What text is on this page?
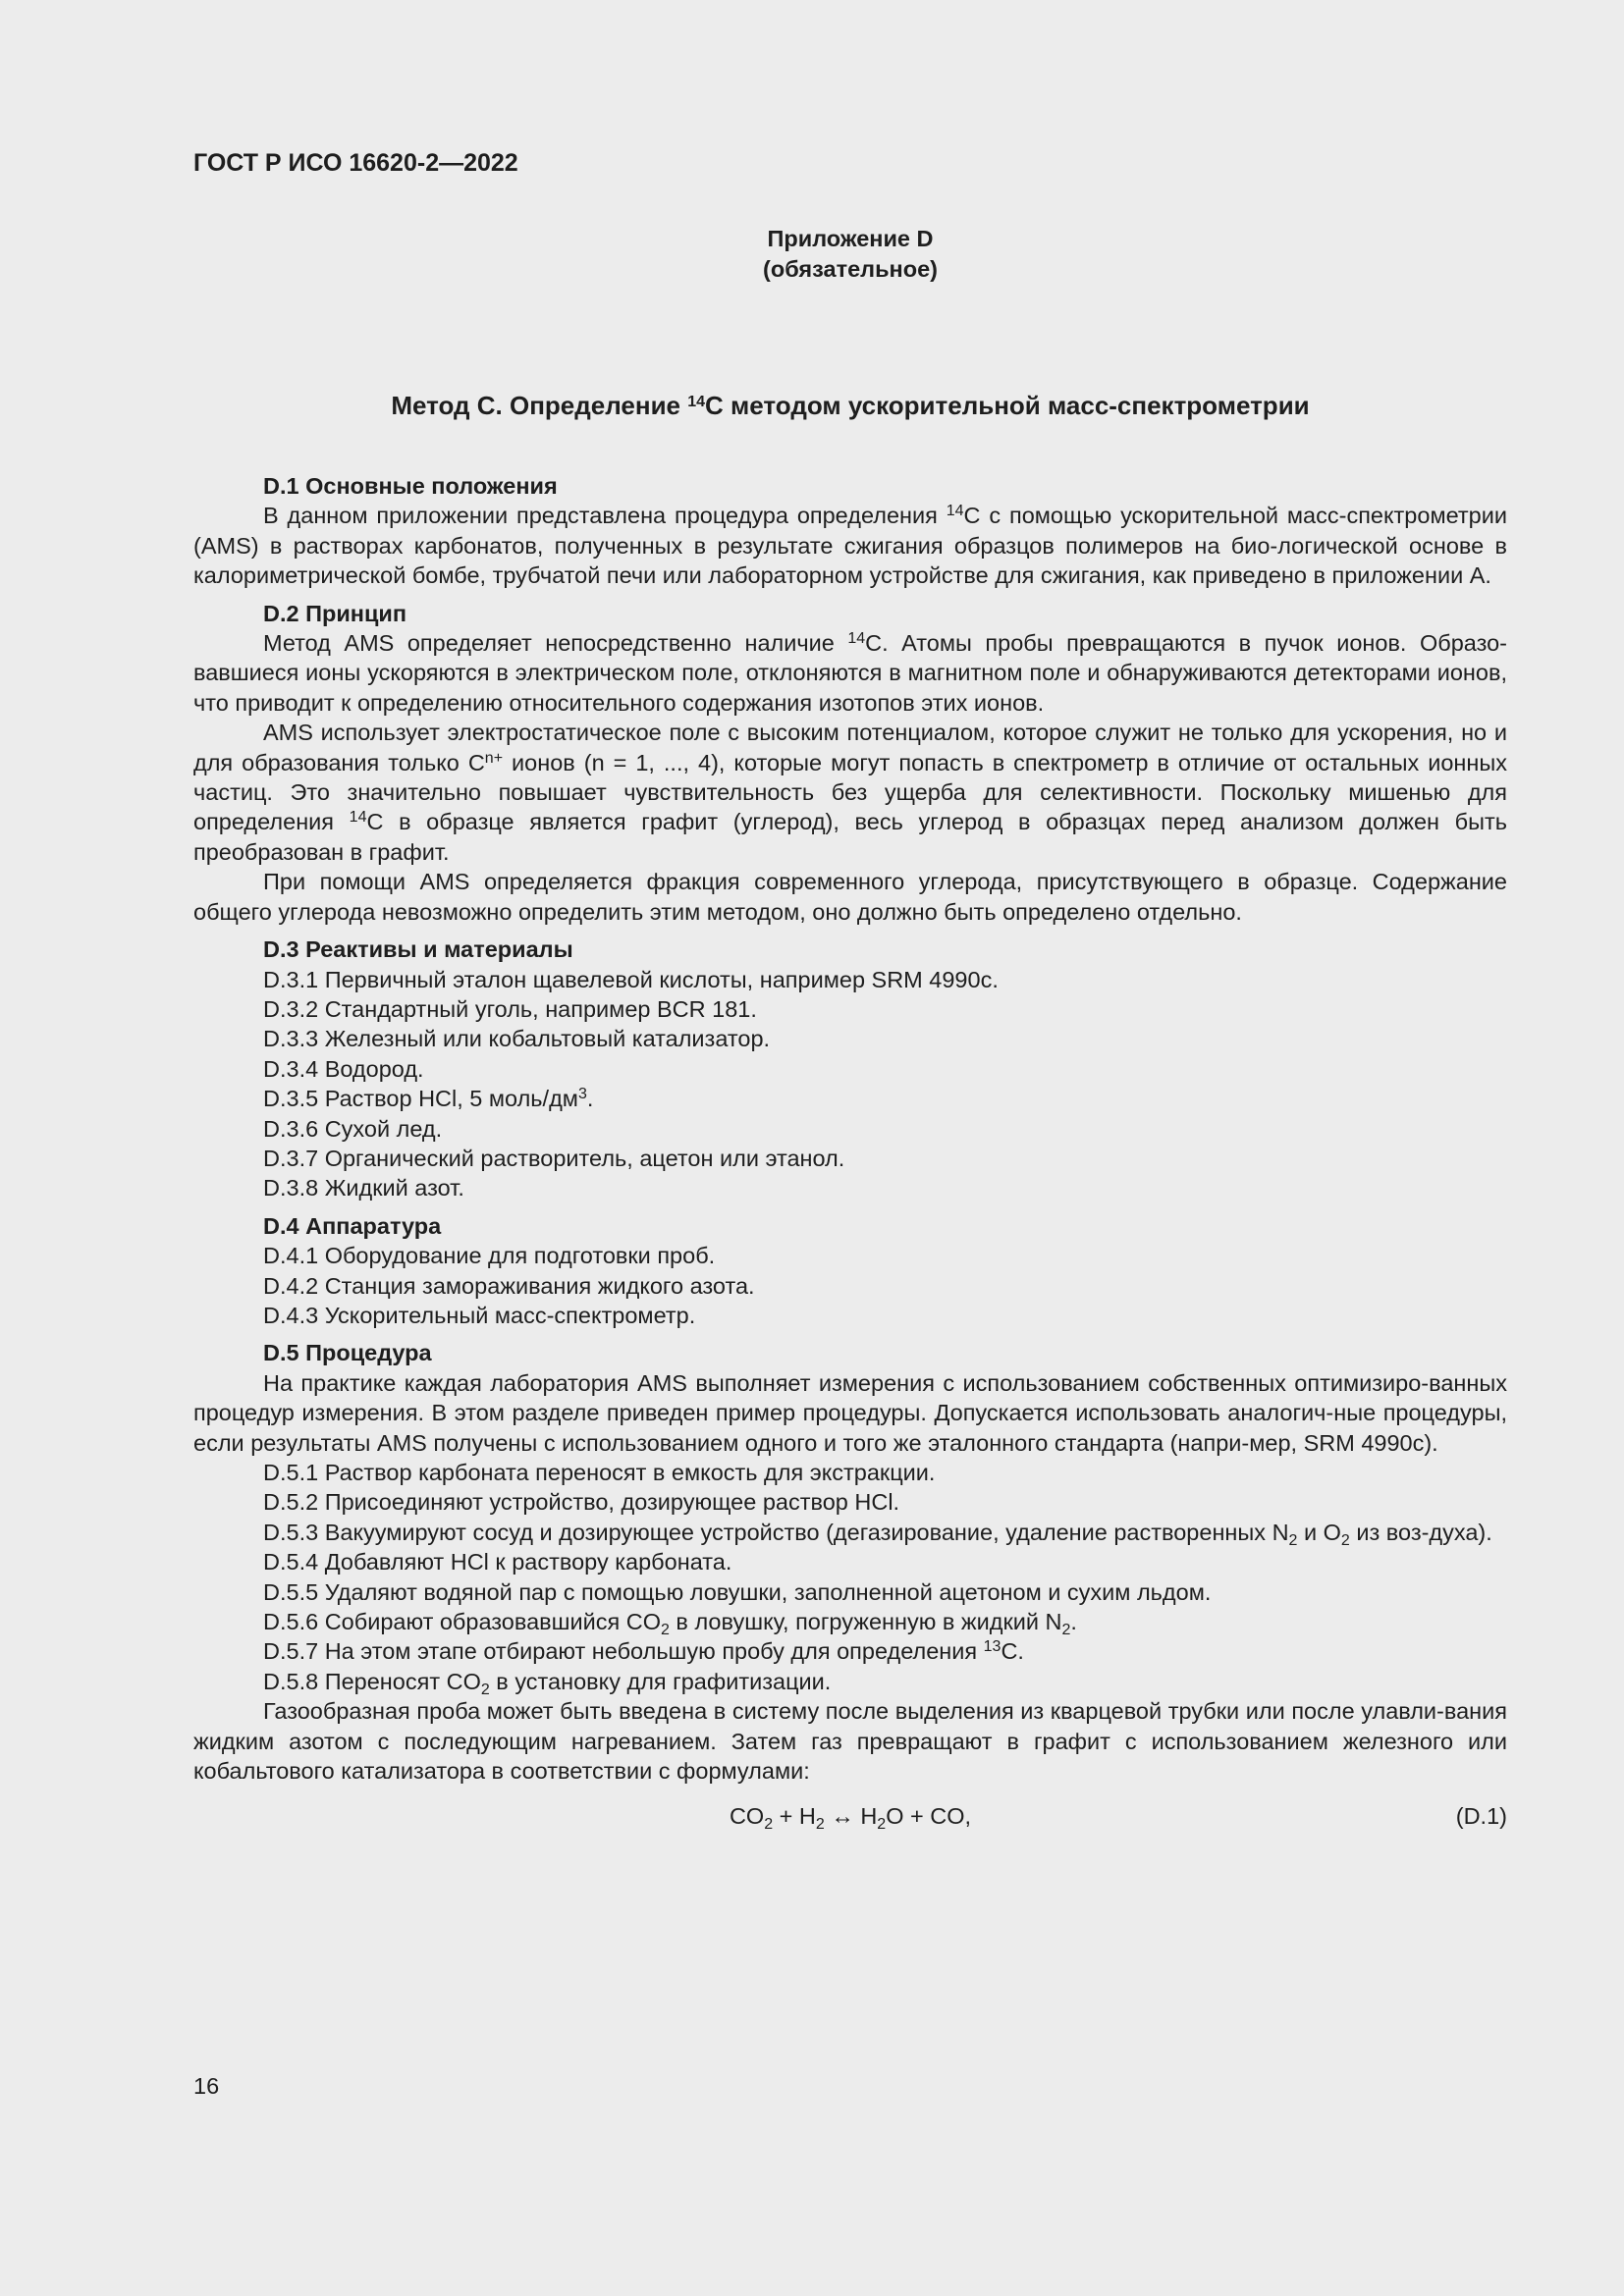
ГОСТ Р ИСО 16620-2—2022
Приложение D
(обязательное)
Метод С. Определение $^{14}$C методом ускорительной масс-спектрометрии
D.1 Основные положения

В данном приложении представлена процедура определения $^{14}$C с помощью ускорительной масс-спектрометрии (AMS) в растворах карбонатов, полученных в результате сжигания образцов полимеров на био-логической основе в калориметрической бомбе, трубчатой печи или лабораторном устройстве для сжигания, как приведено в приложении А.

D.2 Принцип

Метод AMS определяет непосредственно наличие $^{14}$C. Атомы пробы превращаются в пучок ионов. Образо-вавшиеся ионы ускоряются в электрическом поле, отклоняются в магнитном поле и обнаруживаются детекторами ионов, что приводит к определению относительного содержания изотопов этих ионов.

AMS использует электростатическое поле с высоким потенциалом, которое служит не только для ускорения, но и для образования только $C^{n+}$ ионов (n = 1, ..., 4), которые могут попасть в спектрометр в отличие от остальных ионных частиц. Это значительно повышает чувствительность без ущерба для селективности. Поскольку мишенью для определения $^{14}$C в образце является графит (углерод), весь углерод в образцах перед анализом должен быть преобразован в графит.

При помощи AMS определяется фракция современного углерода, присутствующего в образце. Содержание общего углерода невозможно определить этим методом, оно должно быть определено отдельно.

D.3 Реактивы и материалы
D.3.1 Первичный эталон щавелевой кислоты, например SRM 4990с.
D.3.2 Стандартный уголь, например BCR 181.
D.3.3 Железный или кобальтовый катализатор.
D.3.4 Водород.
D.3.5 Раствор HCl, 5 моль/$дм^3$.
D.3.6 Сухой лед.
D.3.7 Органический растворитель, ацетон или этанол.
D.3.8 Жидкий азот.
D.4 Аппаратура
D.4.1 Оборудование для подготовки проб.
D.4.2 Станция замораживания жидкого азота.
D.4.3 Ускорительный масс-спектрометр.
D.5 Процедура

На практике каждая лаборатория AMS выполняет измерения с использованием собственных оптимизиро-ванных процедур измерения. В этом разделе приведен пример процедуры. Допускается использовать аналогич-ные процедуры, если результаты AMS получены с использованием одного и того же эталонного стандарта (напри-мер, SRM 4990c).

D.5.1 Раствор карбоната переносят в емкость для экстракции.

D.5.2 Присоединяют устройство, дозирующее раствор HCl.

D.5.3 Вакуумируют сосуд и дозирующее устройство (дегазирование, удаление растворенных $N_2$ и $O_2$ из воз-духа).

D.5.4 Добавляют HCl к раствору карбоната.

D.5.5 Удаляют водяной пар с помощью ловушки, заполненной ацетоном и сухим льдом.

D.5.6 Собирают образовавшийся $CO_2$ в ловушку, погруженную в жидкий $N_2$.

D.5.7 На этом этапе отбирают небольшую пробу для определения $^{13}$C.

D.5.8 Переносят $CO_2$ в установку для графитизации.

Газообразная проба может быть введена в систему после выделения из кварцевой трубки или после улавли-вания жидким азотом с последующим нагреванием. Затем газ превращают в графит с использованием железного или кобальтового катализатора в соответствии с формулами:

$CO_2 + H_2$ ↔ $H_2O$ + CO,	(D.1)
16
